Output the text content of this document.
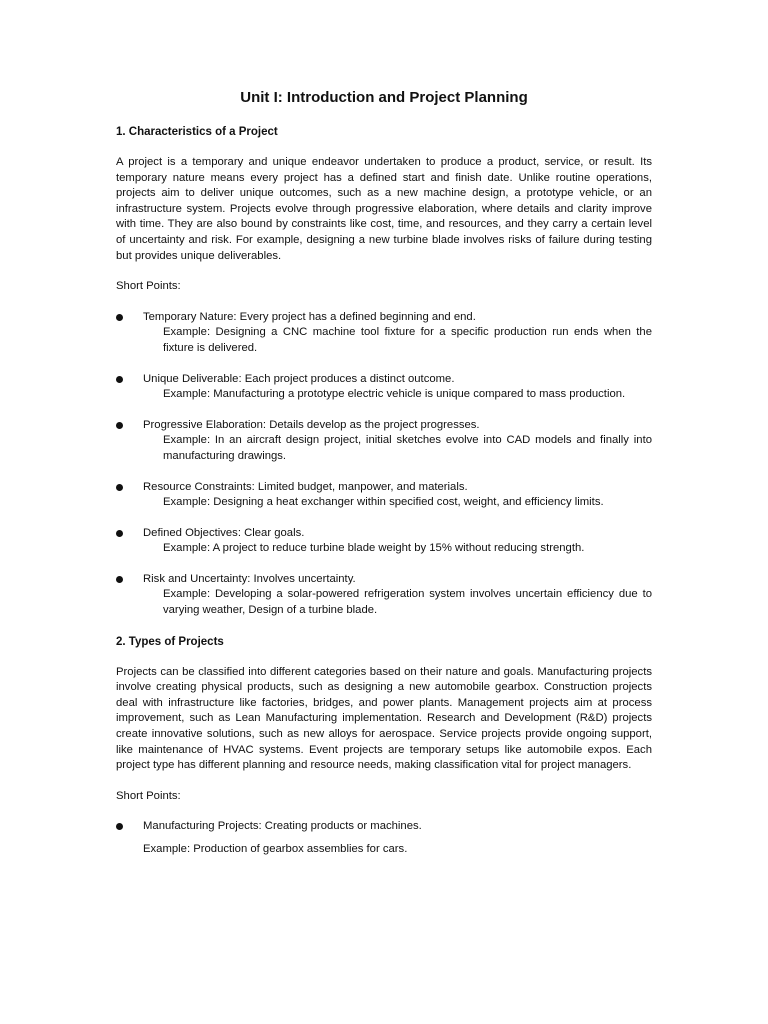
Unit I: Introduction and Project Planning
1. Characteristics of a Project
A project is a temporary and unique endeavor undertaken to produce a product, service, or result. Its temporary nature means every project has a defined start and finish date. Unlike routine operations, projects aim to deliver unique outcomes, such as a new machine design, a prototype vehicle, or an infrastructure system. Projects evolve through progressive elaboration, where details and clarity improve with time. They are also bound by constraints like cost, time, and resources, and they carry a certain level of uncertainty and risk. For example, designing a new turbine blade involves risks of failure during testing but provides unique deliverables.
Short Points:
Temporary Nature: Every project has a defined beginning and end.
Example: Designing a CNC machine tool fixture for a specific production run ends when the fixture is delivered.
Unique Deliverable: Each project produces a distinct outcome.
Example: Manufacturing a prototype electric vehicle is unique compared to mass production.
Progressive Elaboration: Details develop as the project progresses.
Example: In an aircraft design project, initial sketches evolve into CAD models and finally into manufacturing drawings.
Resource Constraints: Limited budget, manpower, and materials.
Example: Designing a heat exchanger within specified cost, weight, and efficiency limits.
Defined Objectives: Clear goals.
Example: A project to reduce turbine blade weight by 15% without reducing strength.
Risk and Uncertainty: Involves uncertainty.
Example: Developing a solar-powered refrigeration system involves uncertain efficiency due to varying weather, Design of a turbine blade.
2. Types of Projects
Projects can be classified into different categories based on their nature and goals. Manufacturing projects involve creating physical products, such as designing a new automobile gearbox. Construction projects deal with infrastructure like factories, bridges, and power plants. Management projects aim at process improvement, such as Lean Manufacturing implementation. Research and Development (R&D) projects create innovative solutions, such as new alloys for aerospace. Service projects provide ongoing support, like maintenance of HVAC systems. Event projects are temporary setups like automobile expos. Each project type has different planning and resource needs, making classification vital for project managers.
Short Points:
Manufacturing Projects: Creating products or machines.
Example: Production of gearbox assemblies for cars.
